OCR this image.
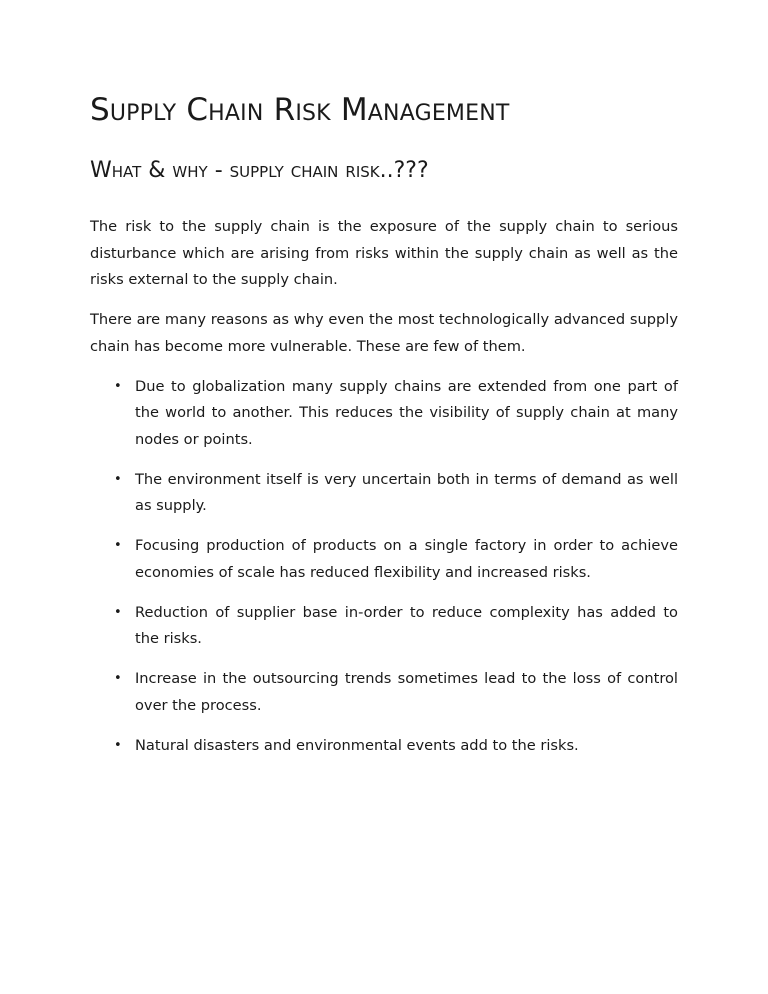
Supply Chain Risk Management
What & why - supply chain risk..???

The risk to the supply chain is the exposure of the supply chain to serious disturbance which are arising from risks within the supply chain as well as the risks external to the supply chain.

There are many reasons as why even the most technologically advanced supply chain has become more vulnerable. These are few of them.

• Due to globalization many supply chains are extended from one part of the world to another. This reduces the visibility of supply chain at many nodes or points.
• The environment itself is very uncertain both in terms of demand as well as supply.
• Focusing production of products on a single factory in order to achieve economies of scale has reduced flexibility and increased risks.
• Reduction of supplier base in-order to reduce complexity has added to the risks.
• Increase in the outsourcing trends sometimes lead to the loss of control over the process.
• Natural disasters and environmental events add to the risks.
